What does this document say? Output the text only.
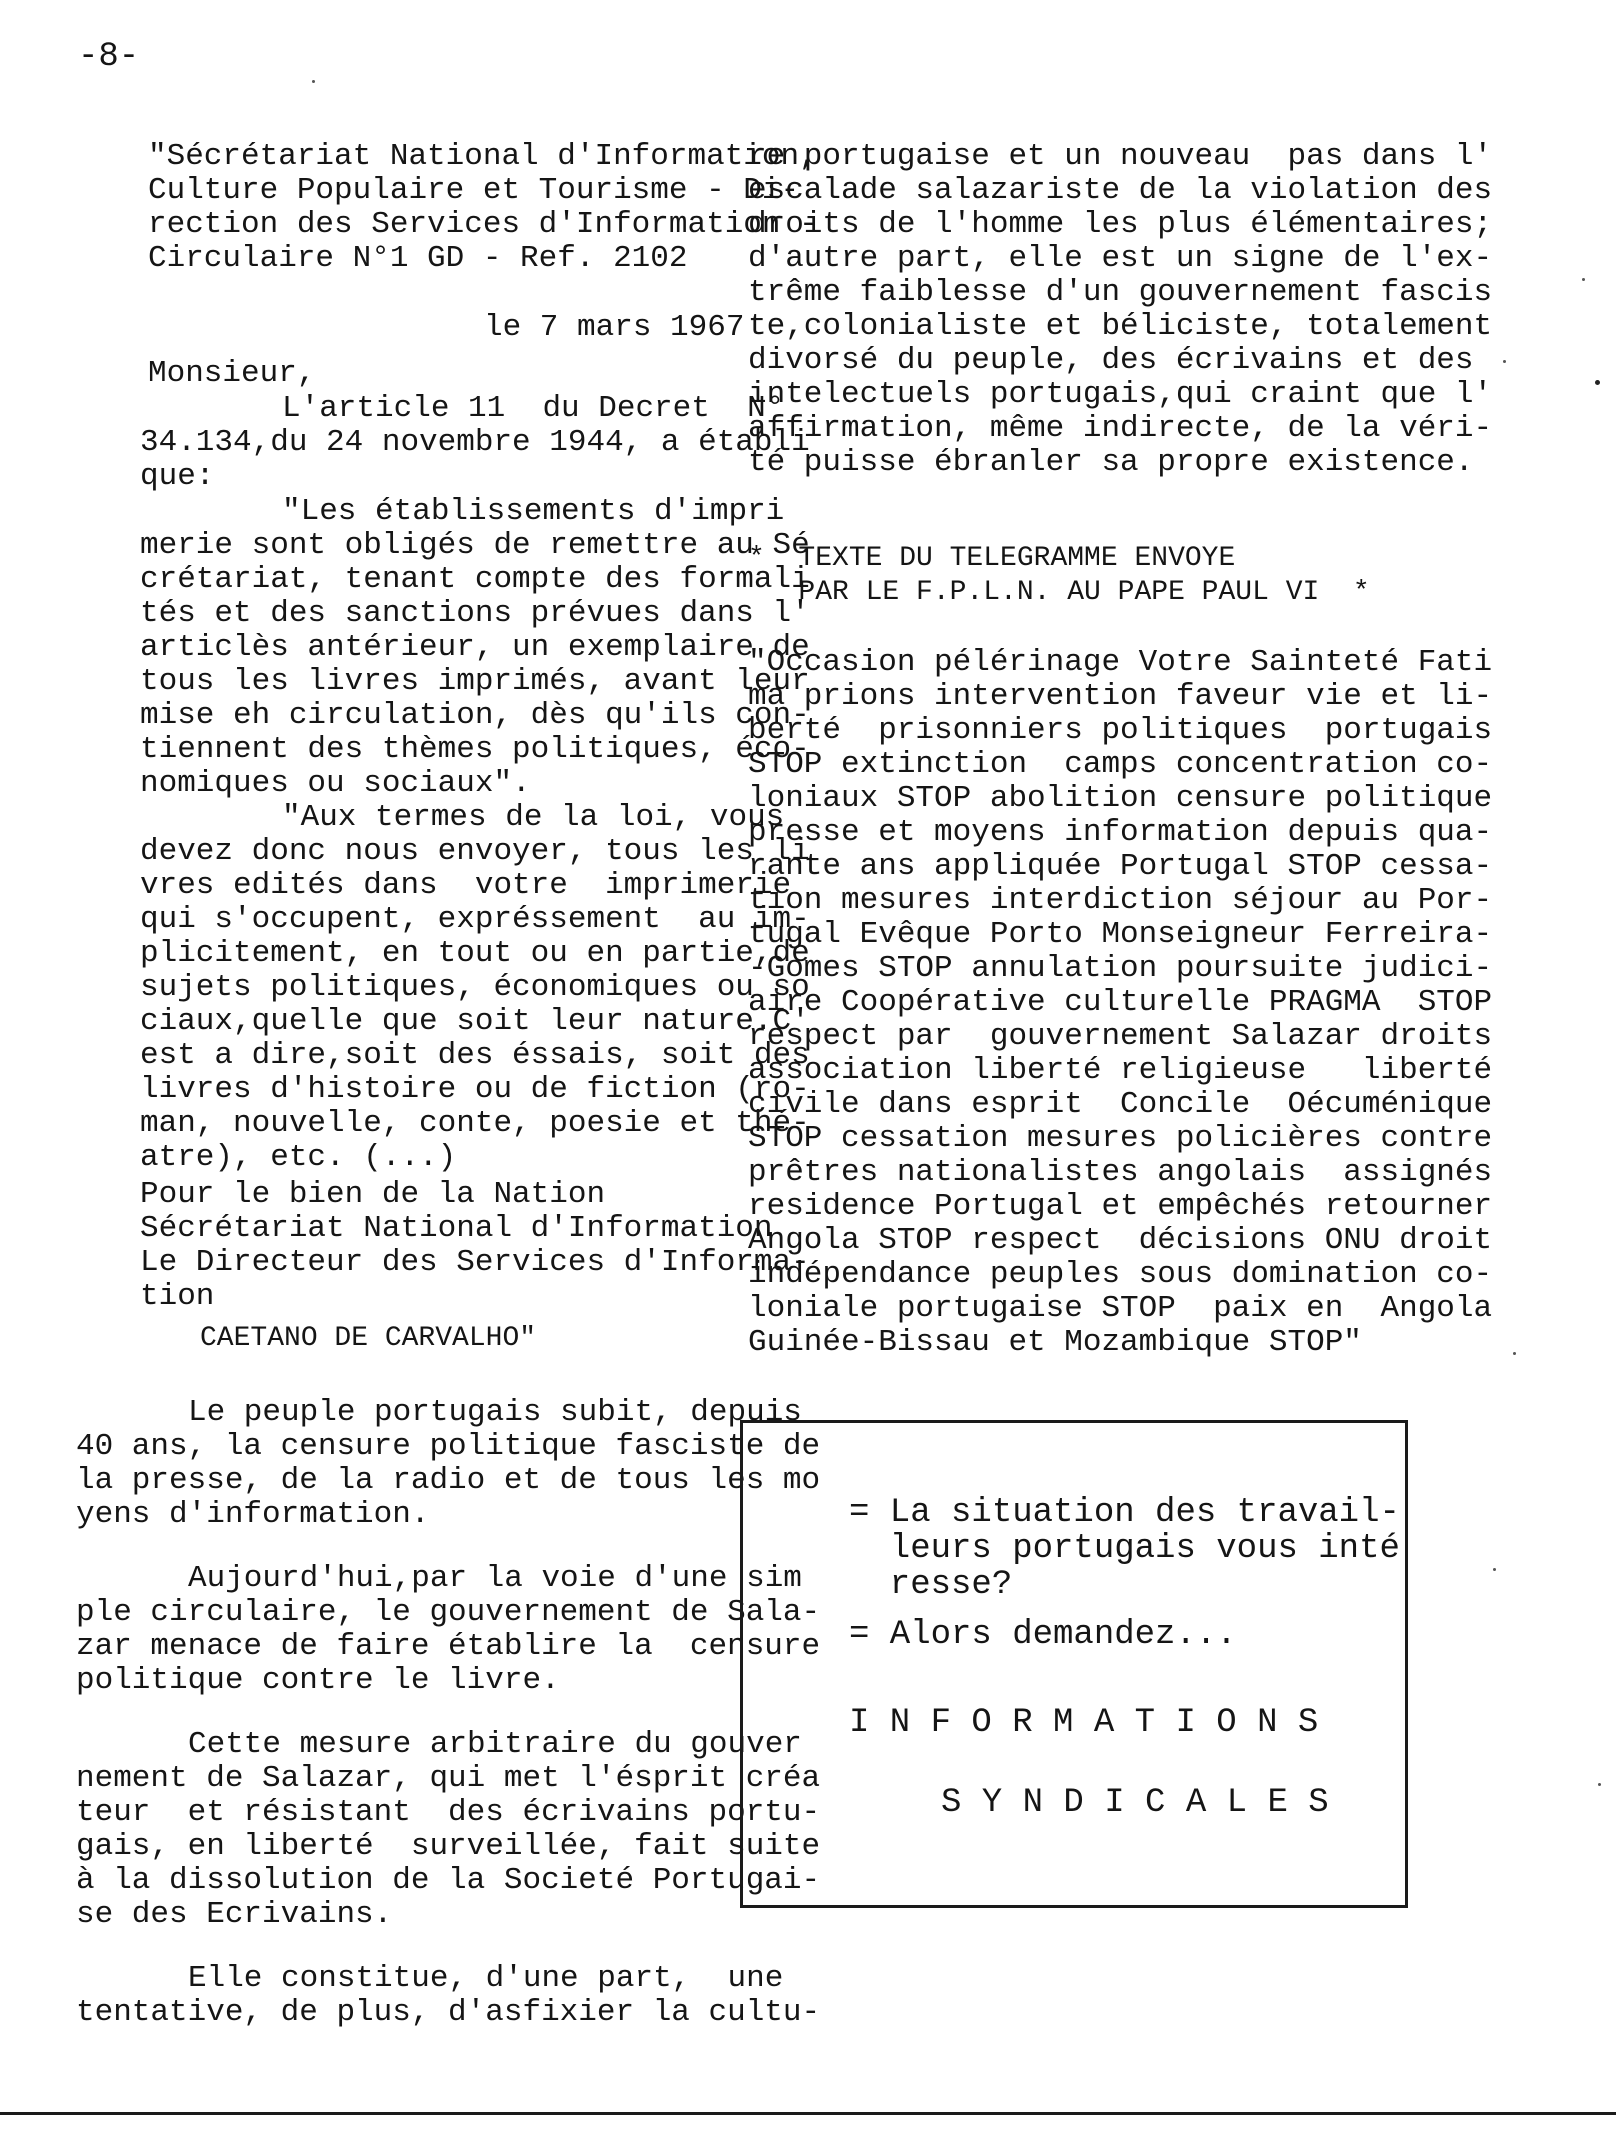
-8-
"Sécrétariat National d'Information,
Culture Populaire et Tourisme - Di-
rection des Services d'Information -
Circulaire N°1 GD - Ref. 2102
le 7 mars 1967
Monsieur,
L'article 11  du Decret  N°
34.134,du 24 novembre 1944, a établi
que:
"Les établissements d'impri
merie sont obligés de remettre au Sé
crétariat, tenant compte des formali
tés et des sanctions prévues dans l'
articlès antérieur, un exemplaire de
tous les livres imprimés, avant leur
mise eh circulation, dès qu'ils con-
tiennent des thèmes politiques, éco-
nomiques ou sociaux".
"Aux termes de la loi, vous
devez donc nous envoyer, tous les li
vres edités dans  votre  imprimerie
qui s'occupent, expréssement  au im-
plicitement, en tout ou en partie,de
sujets politiques, économiques ou so
ciaux,quelle que soit leur nature.C'
est a dire,soit des éssais, soit des
livres d'histoire ou de fiction (ro-
man, nouvelle, conte, poesie et thé-
atre), etc. (...)
Pour le bien de la Nation
Sécrétariat National d'Information
Le Directeur des Services d'Informa-
tion
CAETANO DE CARVALHO"
Le peuple portugais subit, depuis
40 ans, la censure politique fasciste de
la presse, de la radio et de tous les mo
yens d'information.
Aujourd'hui,par la voie d'une sim
ple circulaire, le gouvernement de Sala-
zar menace de faire établire la  censure
politique contre le livre.
Cette mesure arbitraire du gouver
nement de Salazar, qui met l'ésprit créa
teur  et résistant  des écrivains portu-
gais, en liberté  surveillée, fait suite
à la dissolution de la Societé Portugai-
se des Ecrivains.
Elle constitue, d'une part,  une
tentative, de plus, d'asfixier la cultu-
re portugaise et un nouveau  pas dans l'
escalade salazariste de la violation des
droits de l'homme les plus élémentaires;
d'autre part, elle est un signe de l'ex-
trême faiblesse d'un gouvernement fascis
te,colonialiste et béliciste, totalement
divorsé du peuple, des écrivains et des
intelectuels portugais,qui craint que l'
affirmation, même indirecte, de la véri-
té puisse ébranler sa propre existence.
*  TEXTE DU TELEGRAMME ENVOYE
PAR LE F.P.L.N. AU PAPE PAUL VI  *
"Occasion pélérinage Votre Sainteté Fati
ma prions intervention faveur vie et li-
berté  prisonniers politiques  portugais
STOP extinction  camps concentration co-
loniaux STOP abolition censure politique
presse et moyens information depuis qua-
rante ans appliquée Portugal STOP cessa-
tion mesures interdiction séjour au Por-
tugal Evêque Porto Monseigneur Ferreira-
-Gomes STOP annulation poursuite judici-
aire Coopérative culturelle PRAGMA  STOP
respect par  gouvernement Salazar droits
association liberté religieuse   liberté
civile dans esprit  Concile  Oécuménique
STOP cessation mesures policières contre
prêtres nationalistes angolais  assignés
residence Portugal et empêchés retourner
Angola STOP respect  décisions ONU droit
indépendance peuples sous domination co-
loniale portugaise STOP  paix en  Angola
Guinée-Bissau et Mozambique STOP"
= La situation des travail-
leurs portugais vous inté
resse?
= Alors demandez...
I N F O R M A T I O N S
S Y N D I C A L E S
